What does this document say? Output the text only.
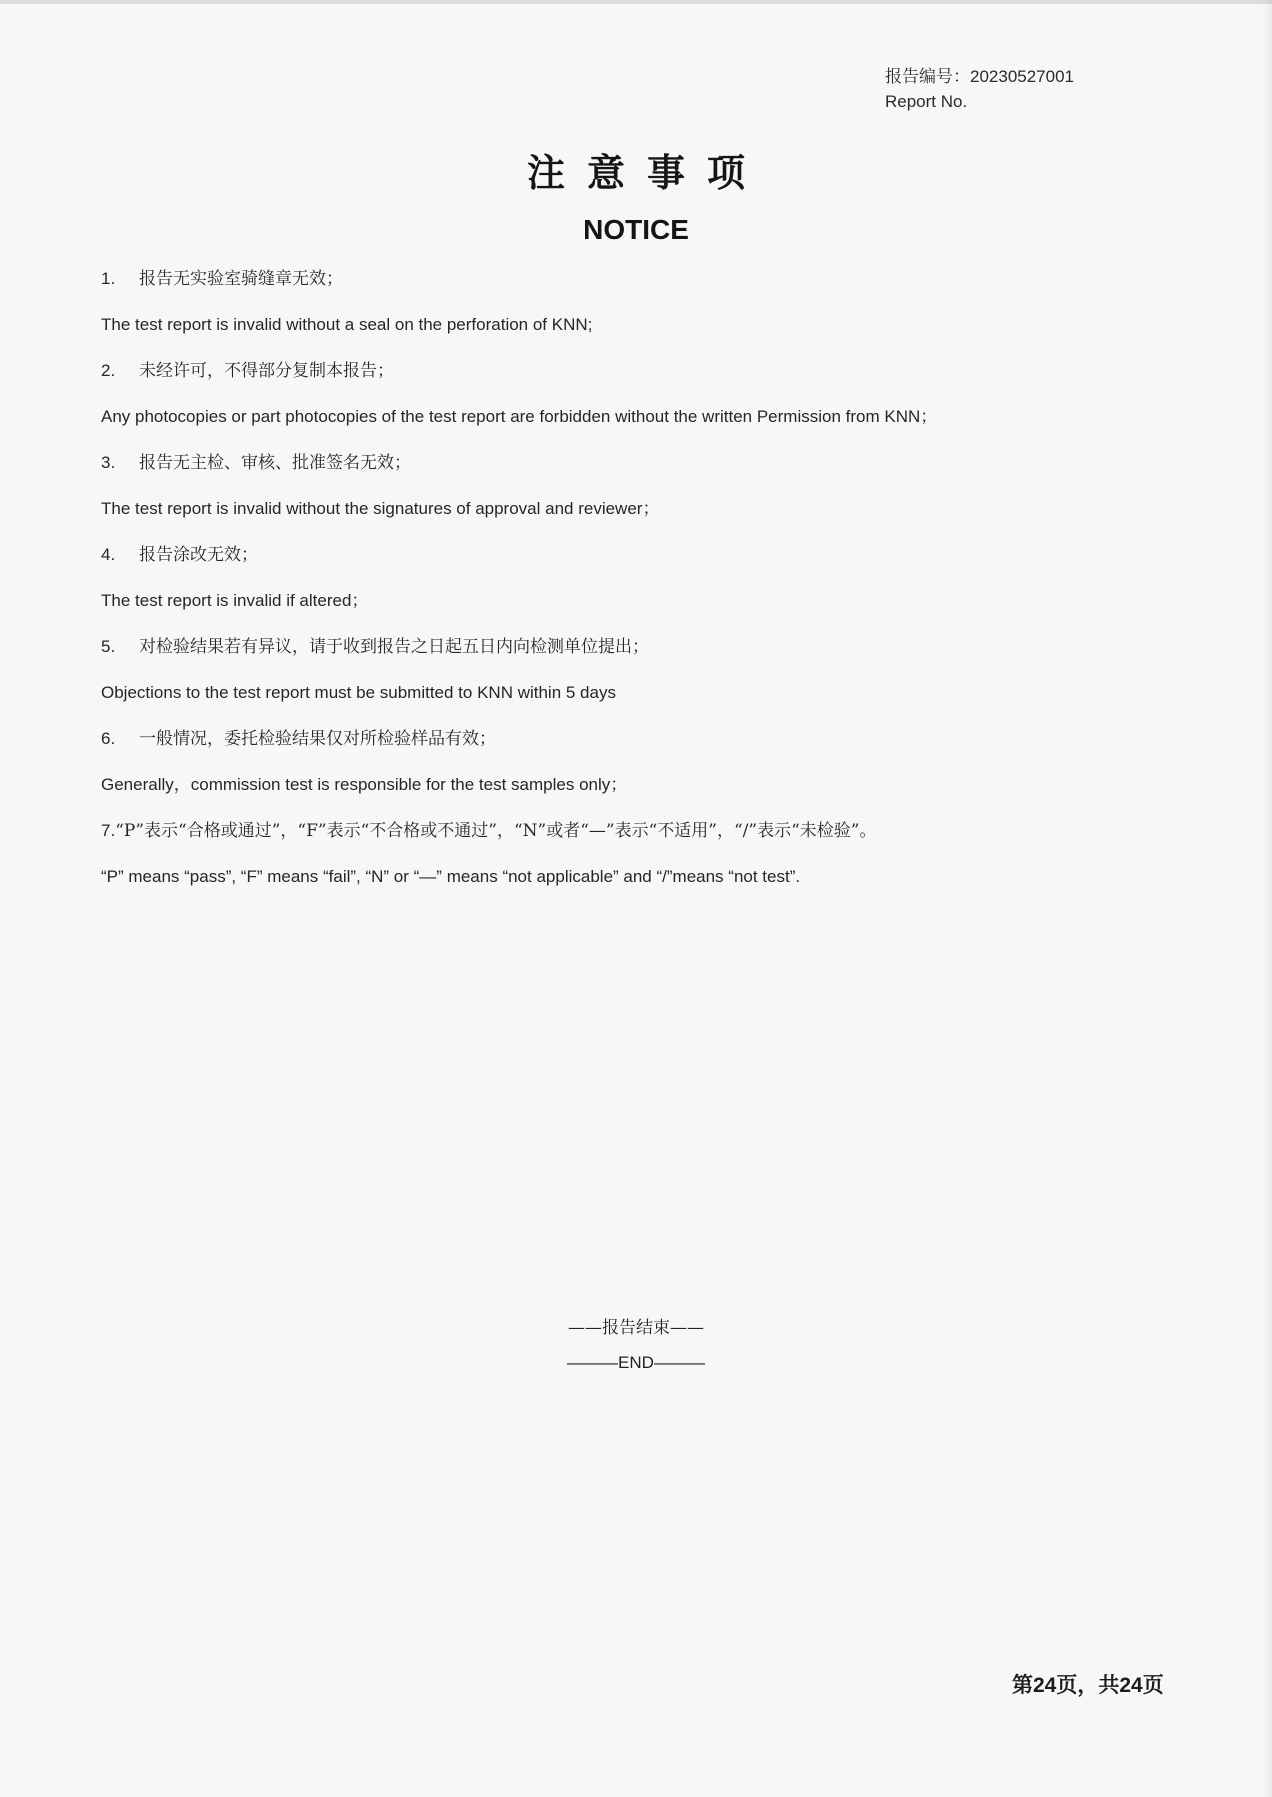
报告编号：20230527001
Report No.
注意事项
NOTICE
1. 报告无实验室骑缝章无效；
The test report is invalid without a seal on the perforation of KNN;
2. 未经许可，不得部分复制本报告；
Any photocopies or part photocopies of the test report are forbidden without the written Permission from KNN；
3. 报告无主检、审核、批准签名无效；
The test report is invalid without the signatures of approval and reviewer；
4. 报告涂改无效；
The test report is invalid if altered；
5. 对检验结果若有异议，请于收到报告之日起五日内向检测单位提出；
Objections to the test report must be submitted to KNN within 5 days
6. 一般情况，委托检验结果仅对所检验样品有效；
Generally，commission test is responsible for the test samples only；
7.“P”表示“合格或通过”，“F”表示“不合格或不通过”，“N”或者“—”表示“不适用”，“/”表示“未检验”。
“P” means “pass”, “F” means “fail”, “N” or “—” means “not applicable” and “/”means “not test”.
——报告结束——
———END———
第24页，共24页
